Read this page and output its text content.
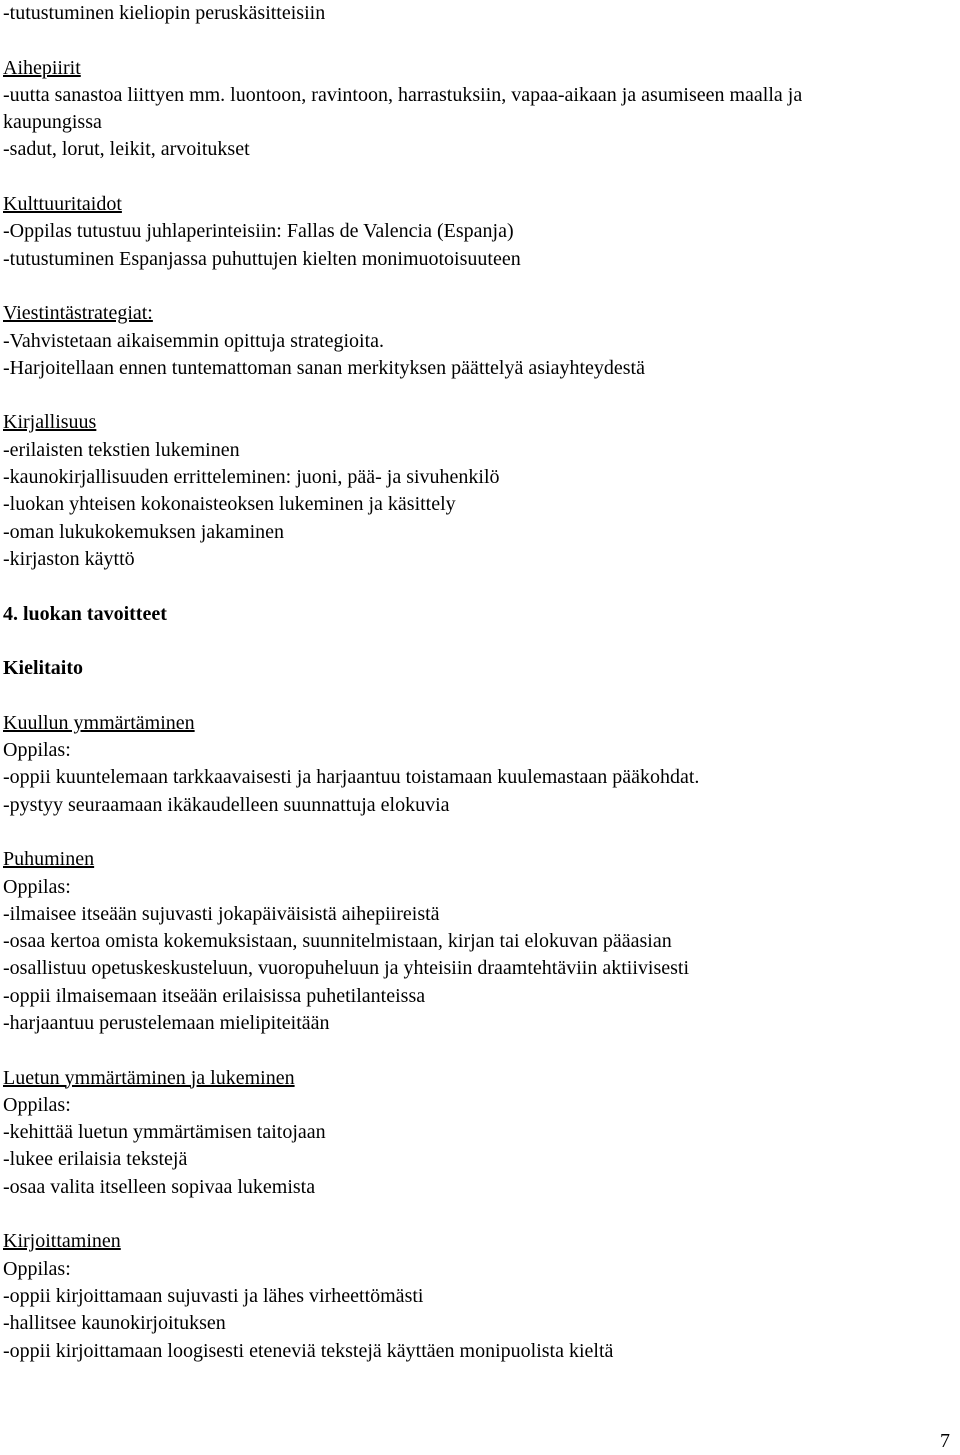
-tutustuminen kieliopin peruskäsitteisiin
Aihepiirit
-uutta sanastoa liittyen mm. luontoon, ravintoon, harrastuksiin, vapaa-aikaan ja asumiseen maalla ja
kaupungissa
-sadut, lorut, leikit, arvoitukset
Kulttuuritaidot
-Oppilas tutustuu juhlaperinteisiin: Fallas de Valencia (Espanja)
-tutustuminen Espanjassa puhuttujen kielten monimuotoisuuteen
Viestintästrategiat:
-Vahvistetaan aikaisemmin opittuja strategioita.
-Harjoitellaan ennen tuntemattoman sanan merkityksen päättelyä asiayhteydestä
Kirjallisuus
-erilaisten tekstien lukeminen
-kaunokirjallisuuden erritteleminen: juoni, pää- ja sivuhenkilö
-luokan yhteisen kokonaisteoksen lukeminen ja käsittely
-oman lukukokemuksen jakaminen
-kirjaston käyttö
4. luokan tavoitteet
Kielitaito
Kuullun ymmärtäminen
Oppilas:
-oppii kuuntelemaan tarkkaavaisesti ja harjaantuu toistamaan kuulemastaan pääkohdat.
-pystyy seuraamaan ikäkaudelleen suunnattuja elokuvia
Puhuminen
Oppilas:
-ilmaisee itseään sujuvasti jokapäiväisistä aihepiireistä
-osaa kertoa omista kokemuksistaan, suunnitelmistaan, kirjan tai elokuvan pääasian
-osallistuu opetuskeskusteluun, vuoropuheluun ja yhteisiin draamtehtäviin aktiivisesti
-oppii ilmaisemaan itseään erilaisissa puhetilanteissa
-harjaantuu perustelemaan mielipiteitään
Luetun ymmärtäminen ja lukeminen
Oppilas:
-kehittää luetun ymmärtämisen taitojaan
-lukee erilaisia tekstejä
-osaa valita itselleen sopivaa lukemista
Kirjoittaminen
Oppilas:
-oppii kirjoittamaan sujuvasti ja lähes virheettömästi
-hallitsee kaunokirjoituksen
-oppii kirjoittamaan loogisesti eteneviä tekstejä käyttäen monipuolista kieltä
7
